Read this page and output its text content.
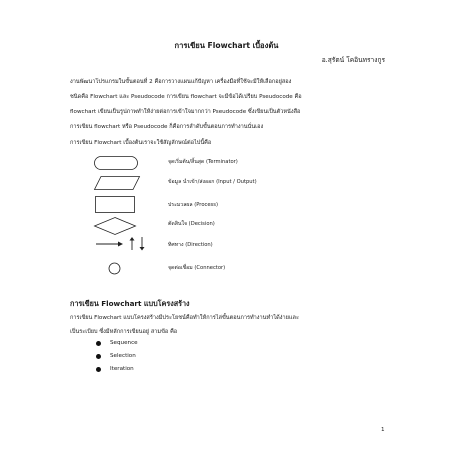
การเขียน Flowchart เบื้องต้น
อ.สุรัตน์ โคอินทรางกูร
งานพัฒนาโปรแกรมในขั้นตอนที่ 2 คือการวางแผนแก้ปัญหา เครื่องมือที่ใช้จะมีให้เลือกอยู่สอง
ชนิดคือ Flowchart และ Pseudocode การเขียน flowchart จะมีข้อได้เปรียบ Pseudocode คือ
flowchart เขียนเป็นรูปภาพทำให้ง่ายต่อการเข้าใจมากกว่า Pseudocode ซึ่งเขียนเป็นตัวหนังสือ
การเขียน flowchart หรือ Pseudocode ก็คือการลำดับขั้นตอนการทำงานนั่นเอง
การเขียน Flowchart เบื้องต้นเราจะใช้สัญลักษณ์ต่อไปนี้คือ
จุดเริ่มต้น/สิ้นสุด (Terminator)
ข้อมูล นำเข้า/ส่งออก (Input / Output)
ประมวลผล (Process)
ตัดสินใจ (Decision)
ทิศทาง (Direction)
จุดต่อเชื่อม (Connector)
การเขียน Flowchart แบบโครงสร้าง
การเขียน Flowchart แบบโครงสร้างมีประโยชน์คือทำให้การไล่ขั้นตอนการทำงานทำได้ง่ายและ
เป็นระเบียบ ซึ่งมีหลักการเขียนอยู่ สามข้อ คือ
Sequence
Selection
Iteration
1
